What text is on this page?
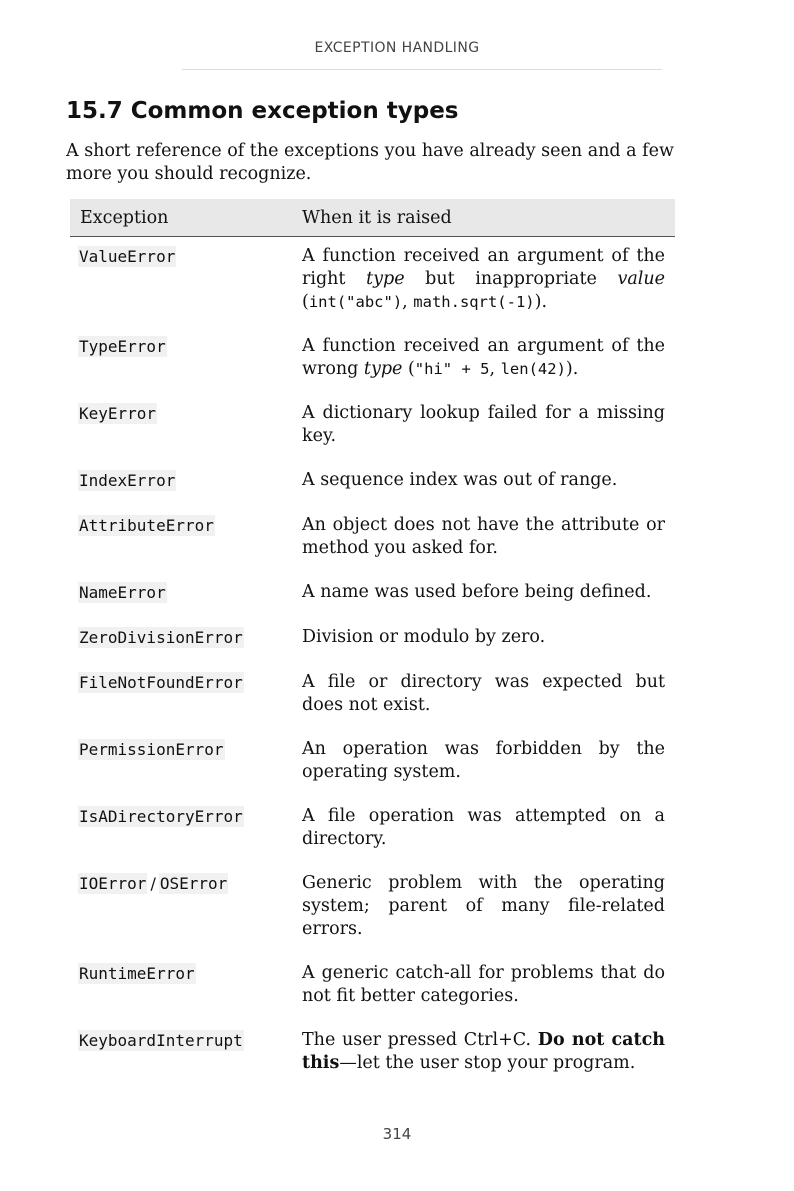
EXCEPTION HANDLING
15.7 Common exception types

A short reference of the exceptions you have already seen and a few more you should recognize.

Exception	When it is raised
ValueError	A function received an argument of the right type but inappropriate value (int("abc"), math.sqrt(-1)).
TypeError	A function received an argument of the wrong type ("hi" + 5, len(42)).
KeyError	A dictionary lookup failed for a missing key.
IndexError	A sequence index was out of range.
AttributeError	An object does not have the attribute or method you asked for.
NameError	A name was used before being defined.
ZeroDivisionError	Division or modulo by zero.
FileNotFoundError	A file or directory was expected but does not exist.
PermissionError	An operation was forbidden by the operating system.
IsADirectoryError	A file operation was attempted on a directory.
IOError / OSError	Generic problem with the operating system; parent of many file-related errors.
RuntimeError	A generic catch-all for problems that do not fit better categories.
KeyboardInterrupt	The user pressed Ctrl+C. Do not catch this—let the user stop your program.
314
